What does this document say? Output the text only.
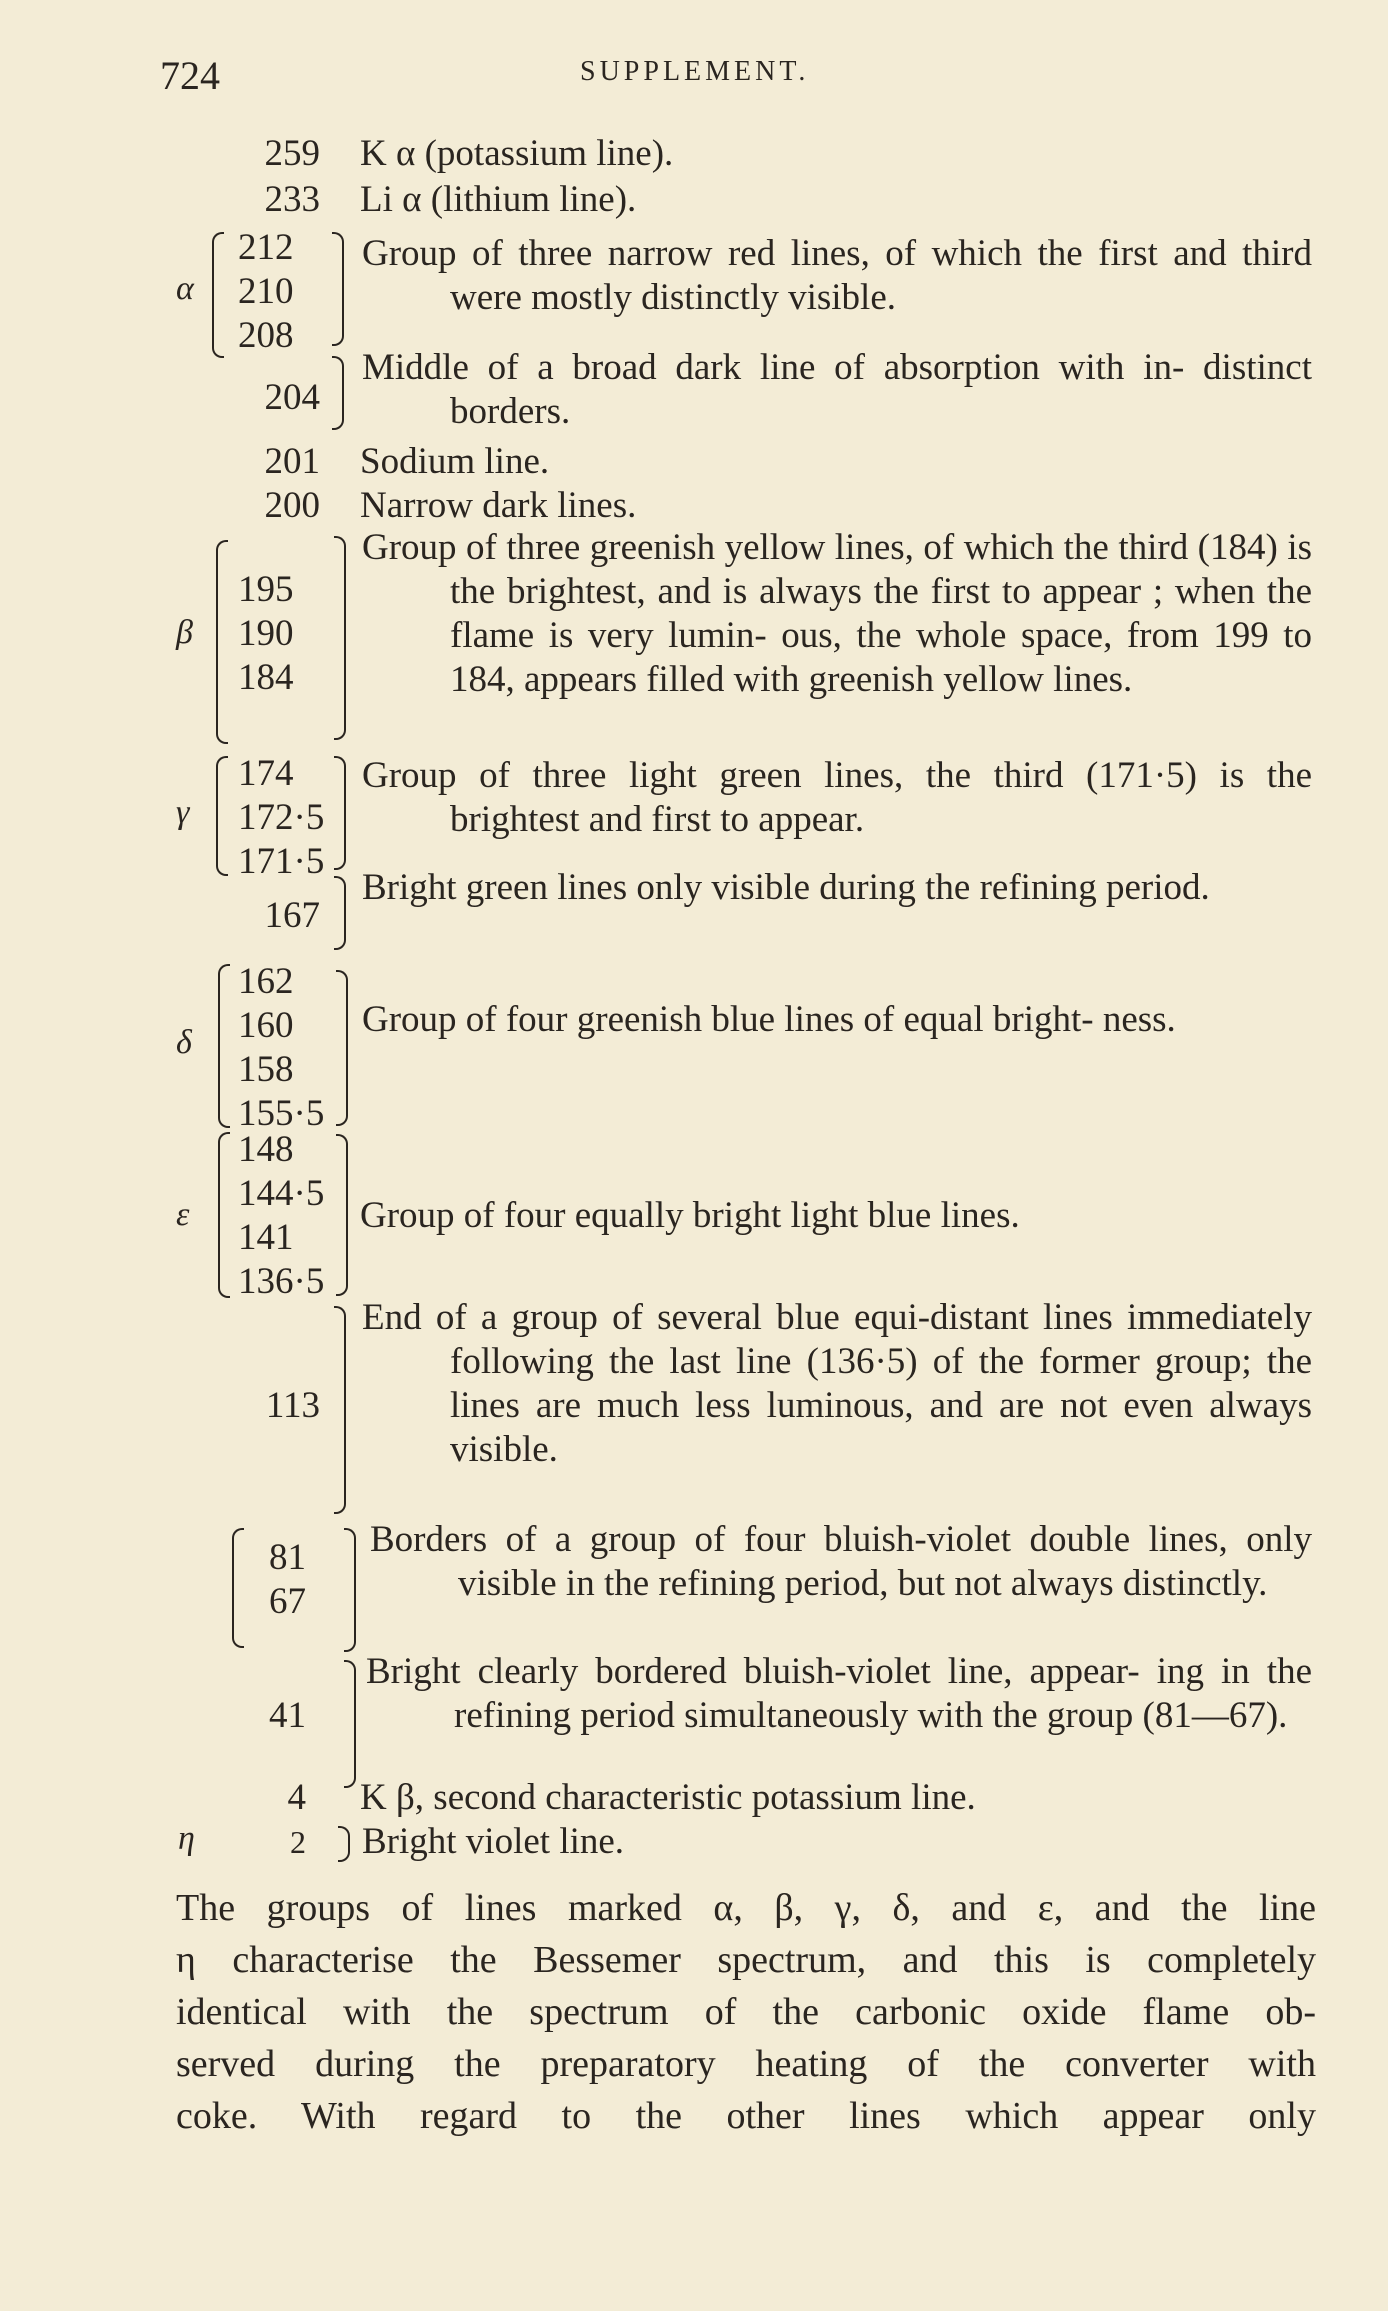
724	SUPPLEMENT.
259 K α (potassium line).
233 Li α (lithium line).
α
212
210
208
Group of three narrow red lines, of which the first and third were mostly distinctly visible.
204
Middle of a broad dark line of absorption with in- distinct borders.
201 Sodium line.
200 Narrow dark lines.
β
195
190
184
Group of three greenish yellow lines, of which the third (184) is the brightest, and is always the first to appear ; when the flame is very lumin- ous, the whole space, from 199 to 184, appears filled with greenish yellow lines.
γ
174
172·5
171·5
Group of three light green lines, the third (171·5) is the brightest and first to appear.
167
Bright green lines only visible during the refining period.
δ
162
160
158
155·5
Group of four greenish blue lines of equal bright- ness.
ε
148
144·5
141
136·5
Group of four equally bright light blue lines.
113
End of a group of several blue equi-distant lines immediately following the last line (136·5) of the former group; the lines are much less luminous, and are not even always visible.
81
67
Borders of a group of four bluish-violet double lines, only visible in the refining period, but not always distinctly.
41
Bright clearly bordered bluish-violet line, appear- ing in the refining period simultaneously with the group (81—67).
4 K β, second characteristic potassium line.
η	2 Bright violet line.
The groups of lines marked α, β, γ, δ, and ε, and the line
η characterise the Bessemer spectrum, and this is completely
identical with the spectrum of the carbonic oxide flame ob-
served during the preparatory heating of the converter with
coke. With regard to the other lines which appear only
